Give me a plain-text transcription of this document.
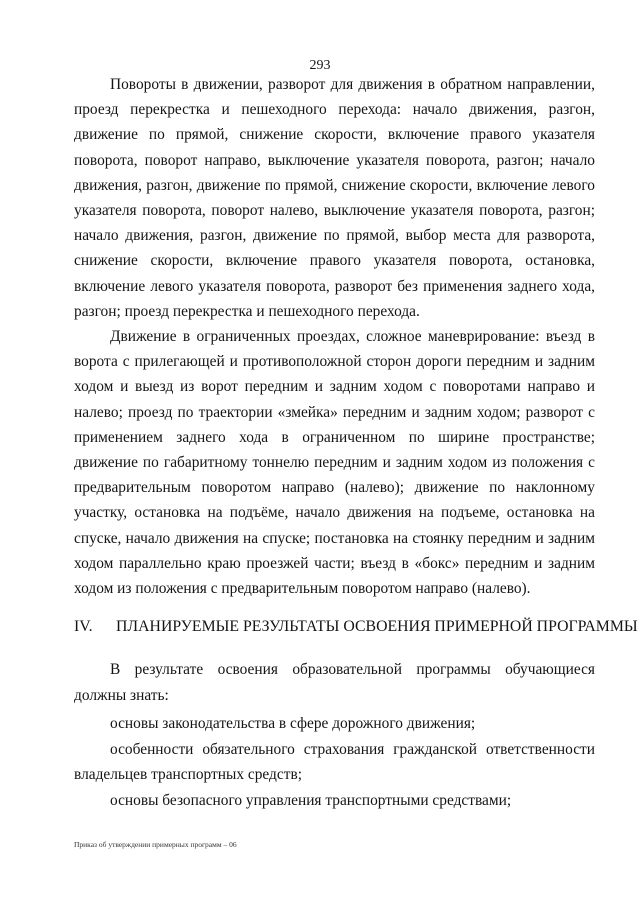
293

Повороты в движении, разворот для движения в обратном направлении, проезд перекрестка и пешеходного перехода: начало движения, разгон, движение по прямой, снижение скорости, включение правого указателя поворота, поворот направо, выключение указателя поворота, разгон; начало движения, разгон, движение по прямой, снижение скорости, включение левого указателя поворота, поворот налево, выключение указателя поворота, разгон; начало движения, разгон, движение по прямой, выбор места для разворота, снижение скорости, включение правого указателя поворота, остановка, включение левого указателя поворота, разворот без применения заднего хода, разгон; проезд перекрестка и пешеходного перехода.

Движение в ограниченных проездах, сложное маневрирование: въезд в ворота с прилегающей и противоположной сторон дороги передним и задним ходом и выезд из ворот передним и задним ходом с поворотами направо и налево; проезд по траектории «змейка» передним и задним ходом; разворот с применением заднего хода в ограниченном по ширине пространстве; движение по габаритному тоннелю передним и задним ходом из положения с предварительным поворотом направо (налево); движение по наклонному участку, остановка на подъёме, начало движения на подъеме, остановка на спуске, начало движения на спуске; постановка на стоянку передним и задним ходом параллельно краю проезжей части; въезд в «бокс» передним и задним ходом из положения с предварительным поворотом направо (налево).

IV. ПЛАНИРУЕМЫЕ РЕЗУЛЬТАТЫ ОСВОЕНИЯ ПРИМЕРНОЙ ПРОГРАММЫ

В результате освоения образовательной программы обучающиеся должны знать:

основы законодательства в сфере дорожного движения;

особенности обязательного страхования гражданской ответственности владельцев транспортных средств;

основы безопасного управления транспортными средствами;

Приказ об утверждении примерных программ – 06
